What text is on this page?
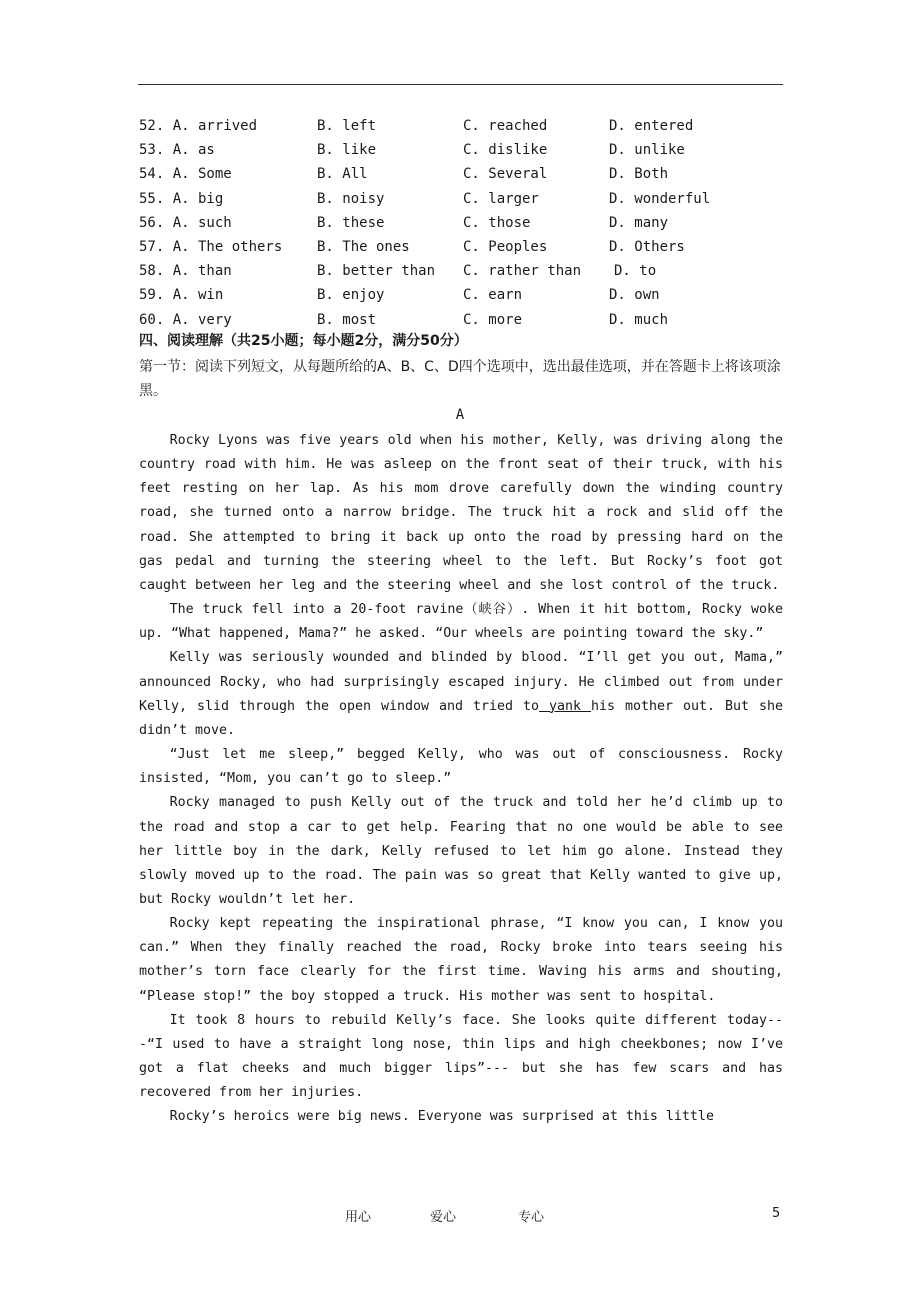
52. A. arrived	B. left	C. reached	D. entered
53. A. as	B. like	C. dislike	D. unlike
54. A. Some	B. All	C. Several	D. Both
55. A. big	B. noisy	C. larger	D. wonderful
56. A. such	B. these	C. those	D. many
57. A. The others B. The ones	C. Peoples	D. Others
58. A. than	B. better than C. rather than D. to
59. A. win	B. enjoy	C. earn	D. own
60. A. very	B. most	C. more	D. much
四、阅读理解（共25小题；每小题2分，满分50分）
第一节：阅读下列短文，从每题所给的A、B、C、D四个选项中，选出最佳选项，并在答题卡上将该项涂黑。
A

Rocky Lyons was five years old when his mother, Kelly, was driving along the country road with him. He was asleep on the front seat of their truck, with his feet resting on her lap. As his mom drove carefully down the winding country road, she turned onto a narrow bridge. The truck hit a rock and slid off the road. She attempted to bring it back up onto the road by pressing hard on the gas pedal and turning the steering wheel to the left. But Rocky’s foot got caught between her leg and the steering wheel and she lost control of the truck.

The truck fell into a 20-foot ravine（峡谷）. When it hit bottom, Rocky woke up. “What happened, Mama?” he asked. “Our wheels are pointing toward the sky.”

Kelly was seriously wounded and blinded by blood. “I’ll get you out, Mama,” announced Rocky, who had surprisingly escaped injury. He climbed out from under Kelly, slid through the open window and tried to yank his mother out. But she didn’t move.

“Just let me sleep,” begged Kelly, who was out of consciousness. Rocky insisted, “Mom, you can’t go to sleep.”

Rocky managed to push Kelly out of the truck and told her he’d climb up to the road and stop a car to get help. Fearing that no one would be able to see her little boy in the dark, Kelly refused to let him go alone. Instead they slowly moved up to the road. The pain was so great that Kelly wanted to give up, but Rocky wouldn’t let her.

Rocky kept repeating the inspirational phrase, “I know you can, I know you can.” When they finally reached the road, Rocky broke into tears seeing his mother’s torn face clearly for the first time. Waving his arms and shouting, “Please stop!” the boy stopped a truck. His mother was sent to hospital.

It took 8 hours to rebuild Kelly’s face. She looks quite different today---“I used to have a straight long nose, thin lips and high cheekbones; now I’ve got a flat cheeks and much bigger lips”--- but she has few scars and has recovered from her injuries.

Rocky’s heroics were big news. Everyone was surprised at this little

用心	爱心	专心	5
